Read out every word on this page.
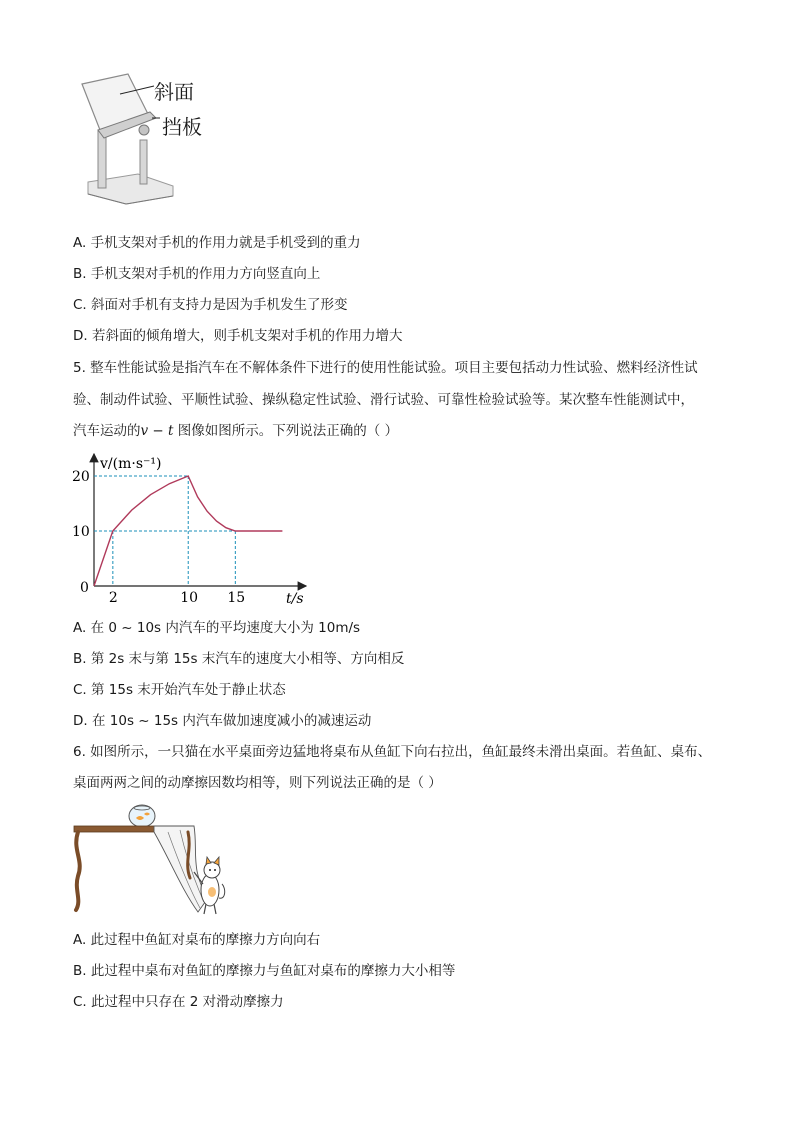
斜面
挡板
A. 手机支架对手机的作用力就是手机受到的重力
B. 手机支架对手机的作用力方向竖直向上
C. 斜面对手机有支持力是因为手机发生了形变
D. 若斜面的倾角增大，则手机支架对手机的作用力增大
5. 整车性能试验是指汽车在不解体条件下进行的使用性能试验。项目主要包括动力性试验、燃料经济性试
验、制动件试验、平顺性试验、操纵稳定性试验、滑行试验、可靠性检验试验等。某次整车性能测试中，
汽车运动的v − t 图像如图所示。下列说法正确的（ ）
v/(m·s⁻¹)
t/s
0
2	10 15
20
10
A. 在 0 ~ 10s 内汽车的平均速度大小为 10m/s
B. 第 2s 末与第 15s 末汽车的速度大小相等、方向相反
C. 第 15s 末开始汽车处于静止状态
D. 在 10s ~ 15s 内汽车做加速度减小的减速运动
6. 如图所示，一只猫在水平桌面旁边猛地将桌布从鱼缸下向右拉出，鱼缸最终未滑出桌面。若鱼缸、桌布、
桌面两两之间的动摩擦因数均相等，则下列说法正确的是（ ）
A. 此过程中鱼缸对桌布的摩擦力方向向右
B. 此过程中桌布对鱼缸的摩擦力与鱼缸对桌布的摩擦力大小相等
C. 此过程中只存在 2 对滑动摩擦力
